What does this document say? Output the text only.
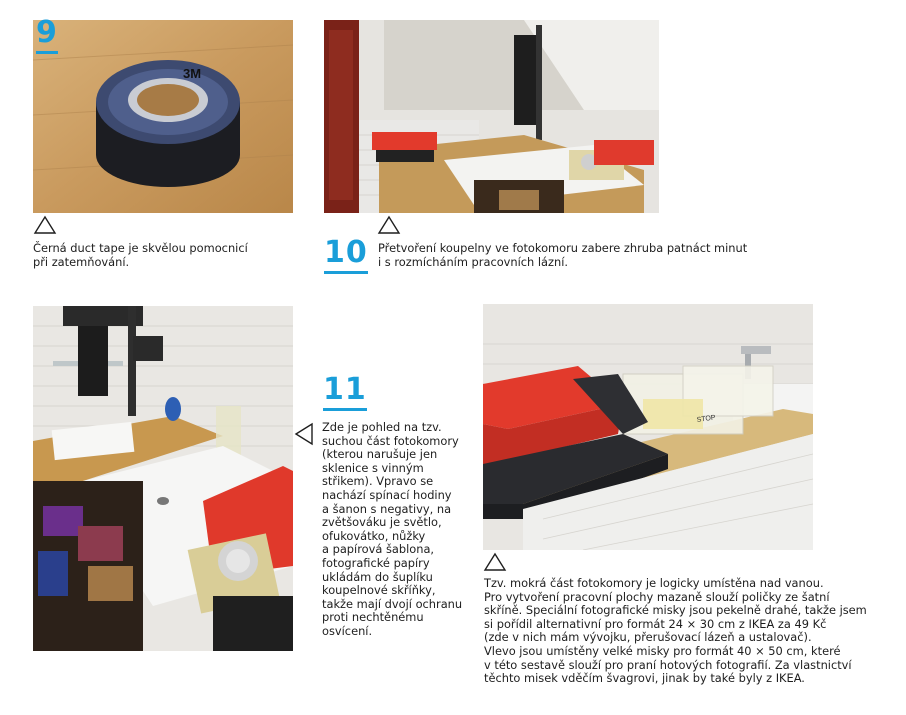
3M
9
Černá duct tape je skvělou pomocnicí
při zatemňování.	10 Přetvoření koupelny ve fotokomoru zabere zhruba patnáct minut
i s rozmícháním pracovních lázní.
11
Zde je pohled na tzv.
suchou část fotokomory
(kterou narušuje jen
sklenice s vinným
střikem). Vpravo se
nachází spínací hodiny
a šanon s negativy, na
zvětšováku je světlo,
ofukovátko, nůžky
a papírová šablona,
fotografické papíry
ukládám do šuplíku
koupelnové skříňky,
takže mají dvojí ochranu
proti nechtěnému
osvícení.
STOP
Tzv. mokrá část fotokomory je logicky umístěna nad vanou.
Pro vytvoření pracovní plochy mazaně slouží poličky ze šatní
skříně. Speciální fotografické misky jsou pekelně drahé, takže jsem
si pořídil alternativní pro formát 24 × 30 cm z IKEA za 49 Kč
(zde v nich mám vývojku, přerušovací lázeň a ustalovač).
Vlevo jsou umístěny velké misky pro formát 40 × 50 cm, které
v této sestavě slouží pro praní hotových fotografií. Za vlastnictví
těchto misek vděčím švagrovi, jinak by také byly z IKEA.
